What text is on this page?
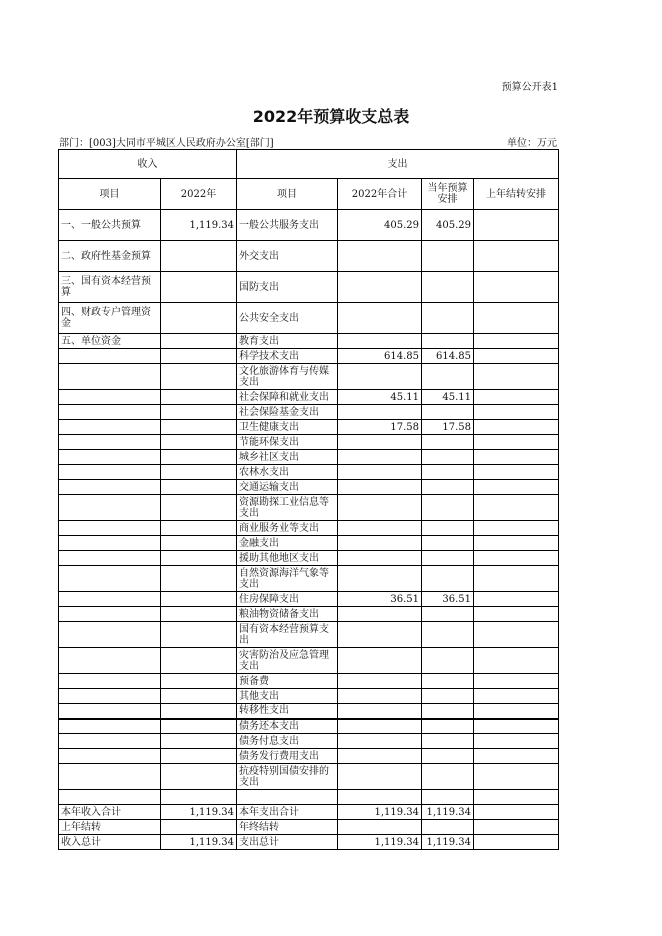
预算公开表1
2022年预算收支总表
部门：[003]大同市平城区人民政府办公室[部门]	单位：万元
收入		支出			
项目	2022年	项目	2022年合计	当年预算安排	上年结转安排
一、一般公共预算	1,119.34	一般公共服务支出	405.29	405.29	
二、政府性基金预算		外交支出			
三、国有资本经营预算		国防支出			
四、财政专户管理资金		公共安全支出			
五、单位资金		教育支出			
		科学技术支出	614.85	614.85	
		文化旅游体育与传媒支出			
		社会保障和就业支出	45.11	45.11	
		社会保险基金支出			
		卫生健康支出	17.58	17.58	
		节能环保支出			
		城乡社区支出			
		农林水支出			
		交通运输支出			
		资源勘探工业信息等支出			
		商业服务业等支出			
		金融支出			
		援助其他地区支出			
		自然资源海洋气象等支出			
		住房保障支出	36.51	36.51	
		粮油物资储备支出			
		国有资本经营预算支出			
		灾害防治及应急管理支出			
		预备费			
		其他支出			
		转移性支出			
		债务还本支出			
		债务付息支出			
		债务发行费用支出			
		抗疫特别国债安排的支出			

本年收入合计	1,119.34	本年支出合计	1,119.34	1,119.34	
上年结转		年终结转			
收入总计	1,119.34	支出总计	1,119.34	1,119.34	
